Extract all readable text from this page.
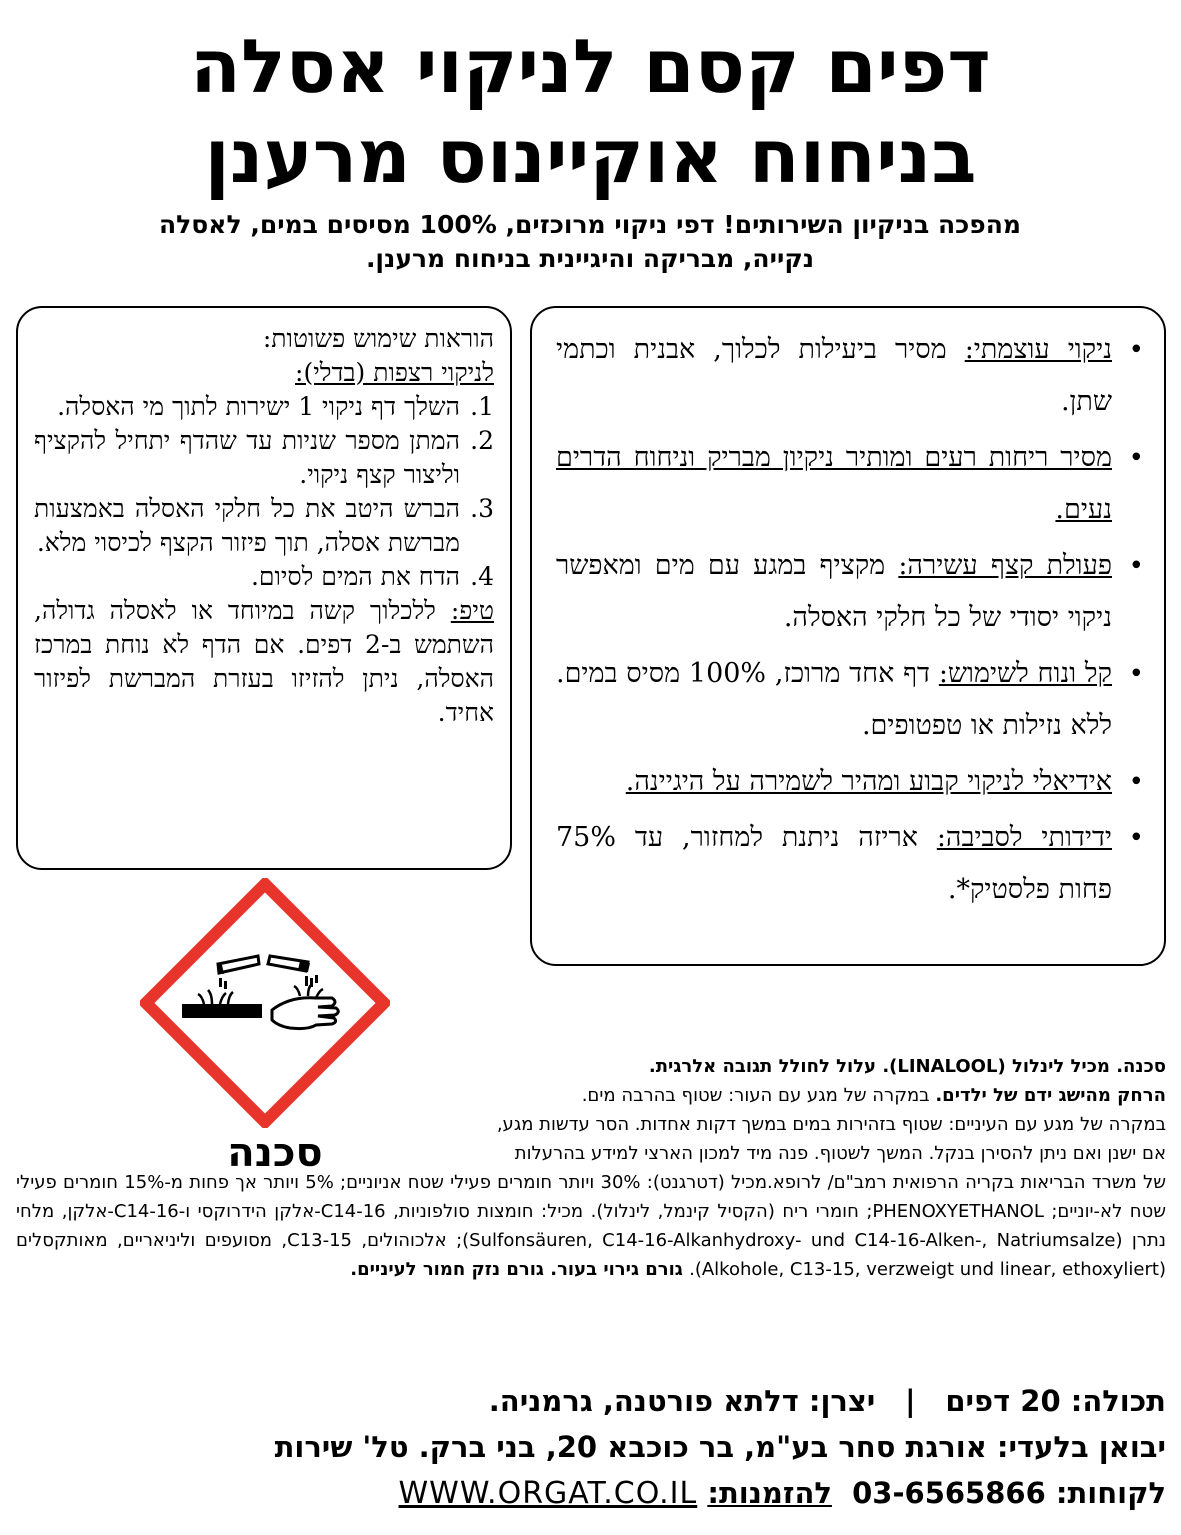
דפים קסם לניקוי אסלה
בניחוח אוקיינוס מרענן
מהפכה בניקיון השירותים! דפי ניקוי מרוכזים, 100% מסיסים במים, לאסלה
נקייה, מבריקה והיגיינית בניחוח מרענן.
• ניקוי עוצמתי: מסיר ביעילות לכלוך, אבנית וכתמי שתן.
• מסיר ריחות רעים ומותיר ניקיון מבריק וניחוח הדרים נעים.
• פעולת קצף עשירה: מקציף במגע עם מים ומאפשר ניקוי יסודי של כל חלקי האסלה.
• קל ונוח לשימוש: דף אחד מרוכז, 100% מסיס במים. ללא נזילות או טפטופים.
• אידיאלי לניקוי קבוע ומהיר לשמירה על היגיינה.
• ידידותי לסביבה: אריזה ניתנת למחזור, עד 75% פחות פלסטיק*.

הוראות שימוש פשוטות:

לניקוי רצפות (בדלי):

1.
השלך דף ניקוי 1 ישירות לתוך מי האסלה.
2.
המתן מספר שניות עד שהדף יתחיל להקציף וליצור קצף ניקוי.
3.
הברש היטב את כל חלקי האסלה באמצעות מברשת אסלה, תוך פיזור הקצף לכיסוי מלא.
4.
הדח את המים לסיום.

טיפ: ללכלוך קשה במיוחד או לאסלה גדולה, השתמש ב-2 דפים. אם הדף לא נוחת במרכז האסלה, ניתן להזיזו בעזרת המברשת לפיזור אחיד.

סכנה

סכנה. מכיל לינלול (LINALOOL). עלול לחולל תגובה אלרגית.

הרחק מהישג ידם של ילדים. במקרה של מגע עם העור: שטוף בהרבה מים.

במקרה של מגע עם העיניים: שטוף בזהירות במים במשך דקות אחדות. הסר עדשות מגע,

אם ישנן ואם ניתן להסירן בנקל. המשך לשטוף. פנה מיד למכון הארצי למידע בהרעלות

של משרד הבריאות בקריה הרפואית רמב"ם/ לרופא.מכיל (דטרגנט): 30% ויותר חומרים פעילי שטח אניוניים; 5% ויותר אך פחות מ-15% חומרים פעילי שטח לא-יוניים; PHENOXYETHANOL; חומרי ריח (הקסיל קינמל, לינלול). מכיל: חומצות סולפוניות, C14-16-אלקן הידרוקסי ו-C14-16-אלקן, מלחי נתרן (Sulfonsäuren, C14-16-Alkanhydroxy- und C14-16-Alken-, Natriumsalze); אלכוהולים, C13-15, מסועפים וליניאריים, מאותקסלים (Alkohole, C13-15, verzweigt und linear, ethoxyliert). גורם גירוי בעור. גורם נזק חמור לעיניים.

תכולה: 20 דפים|יצרן: דלתא פורטנה, גרמניה.

יבואן בלעדי: אורגת סחר בע"מ, בר כוכבא 20, בני ברק. טל' שירות

לקוחות: 03-6565866  להזמנות: WWW.ORGAT.CO.IL
